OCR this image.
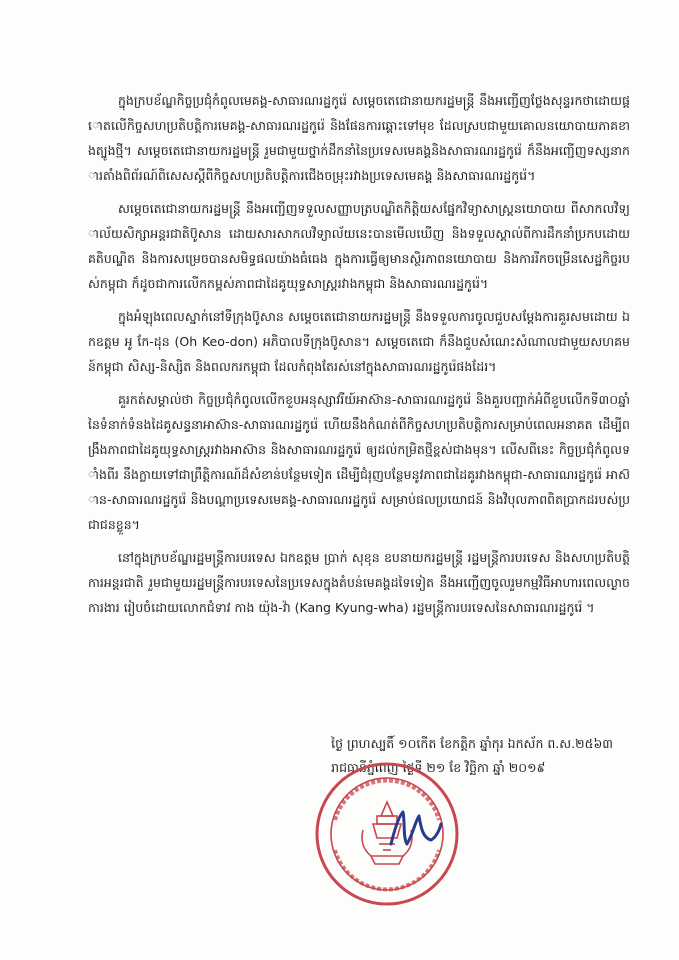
ក្នុងក្របខ័ណ្ឌកិច្ចប្រជុំកំពូលមេគង្គ-សាធារណរដ្ឋកូរ៉េ សម្តេចតេជោនាយករដ្ឋមន្ត្រី នឹងអញ្ជើញថ្លែងសុន្ទរកថាដោយផ្តោតលើកិច្ចសហប្រតិបត្តិការមេគង្គ-សាធារណរដ្ឋកូរ៉េ និងផែនការឆ្ពោះទៅមុខ ដែលស្របជាមួយគោលនយោបាយភាគខាងត្បូងថ្មី។ សម្តេចតេជោនាយករដ្ឋមន្ត្រី រួមជាមួយថ្នាក់ដឹកនាំនៃប្រទេសមេគង្គនិងសាធារណរដ្ឋកូរ៉េ ក៏នឹងអញ្ជើញទស្សនាការតាំងពិព័រណ៍ពិសេសស្តីពីកិច្ចសហប្រតិបត្តិការជើងចម្រុះរវាងប្រទេសមេគង្គ និងសាធារណរដ្ឋកូរ៉េ។

សម្តេចតេជោនាយករដ្ឋមន្ត្រី នឹងអញ្ជើញទទួលសញ្ញាបត្របណ្ឌិតកិត្តិយសផ្នែកវិទ្យាសាស្ត្រនយោបាយ ពីសាកលវិទ្យាល័យសិក្សាអន្តរជាតិប៊ូសាន ដោយសារសាកលវិទ្យាល័យនេះបានមើលឃើញ និងទទួលស្គាល់ពីការដឹកនាំប្រកបដោយគតិបណ្ឌិត និងការសម្រេចបានសមិទ្ធផលយ៉ាងធំធេង ក្នុងការធ្វើឲ្យមានស្ថិរភាពនយោបាយ និងការរីកចម្រើនសេដ្ឋកិច្ចរបស់កម្ពុជា ក៏ដូចជាការលើកកម្ពស់ភាពជាដៃគូយុទ្ធសាស្ត្ររវាងកម្ពុជា និងសាធារណរដ្ឋកូរ៉េ។

ក្នុងអំឡុងពេលស្នាក់នៅទីក្រុងប៊ូសាន សម្តេចតេជោនាយករដ្ឋមន្ត្រី នឹងទទួលការចូលជួបសម្តែងការគួរសមដោយ ឯកឧត្តម អូ កែ-ដុន (Oh Keo-don) អភិបាលទីក្រុងប៊ូសាន។ សម្តេចតេជោ ក៏នឹងជួបសំណេះសំណាលជាមួយសហគមន៍កម្ពុជា សិស្ស-និស្សិត និងពលករកម្ពុជា ដែលកំពុងតែរស់នៅក្នុងសាធារណរដ្ឋកូរ៉េផងដែរ។

គួរកត់សម្គាល់ថា កិច្ចប្រជុំកំពូលលើកខួបអនុស្សាវរីយ៍អាស៊ាន-សាធារណរដ្ឋកូរ៉េ និងគួរបញ្ជាក់អំពីខួបលើកទី៣០ឆ្នាំ នៃទំនាក់ទំនងដៃគូសន្ទនាអាស៊ាន-សាធារណរដ្ឋកូរ៉េ ហើយនឹងកំណត់ពីកិច្ចសហប្រតិបត្តិការសម្រាប់ពេលអនាគត ដើម្បីពង្រឹងភាពជាដៃគូយុទ្ធសាស្ត្ររវាងអាស៊ាន និងសាធារណរដ្ឋកូរ៉េ ឲ្យដល់កម្រិតថ្មីខ្ពស់ជាងមុន។ លើសពីនេះ កិច្ចប្រជុំកំពូលទាំងពីរ នឹងក្លាយទៅជាព្រឹត្តិការណ៍ដ៏សំខាន់បន្ថែមទៀត ដើម្បីជំរុញបន្ថែមនូវភាពជាដៃគូរវាងកម្ពុជា-សាធារណរដ្ឋកូរ៉េ អាស៊ាន-សាធារណរដ្ឋកូរ៉េ និងបណ្តាប្រទេសមេគង្គ-សាធារណរដ្ឋកូរ៉េ សម្រាប់ផលប្រយោជន៍ និងវិបុលភាពពិតប្រាកដរបស់ប្រជាជនខ្លួន។

នៅក្នុងក្របខ័ណ្ឌរដ្ឋមន្ត្រីការបរទេស ឯកឧត្តម ប្រាក់ សុខុន ឧបនាយករដ្ឋមន្ត្រី រដ្ឋមន្ត្រីការបរទេស និងសហប្រតិបត្តិការអន្តរជាតិ រួមជាមួយរដ្ឋមន្ត្រីការបរទេសនៃប្រទេសក្នុងតំបន់មេគង្គដទៃទៀត នឹងអញ្ជើញចូលរួមកម្មវិធីអាហារពេលល្ងាចការងារ រៀបចំដោយលោកជំទាវ កាង យ៉ុង-វ៉ា (Kang Kyung-wha) រដ្ឋមន្ត្រីការបរទេសនៃសាធារណរដ្ឋកូរ៉េ ។

ថ្ងៃ ព្រហស្បតិ៍ ១០កើត ខែកត្តិក ឆ្នាំកុរ ឯកស័ក ព.ស.២៥៦៣
រាជធានីភ្នំពេញ ថ្ងៃទី ២១ ខែ វិច្ឆិកា ឆ្នាំ ២០១៩
